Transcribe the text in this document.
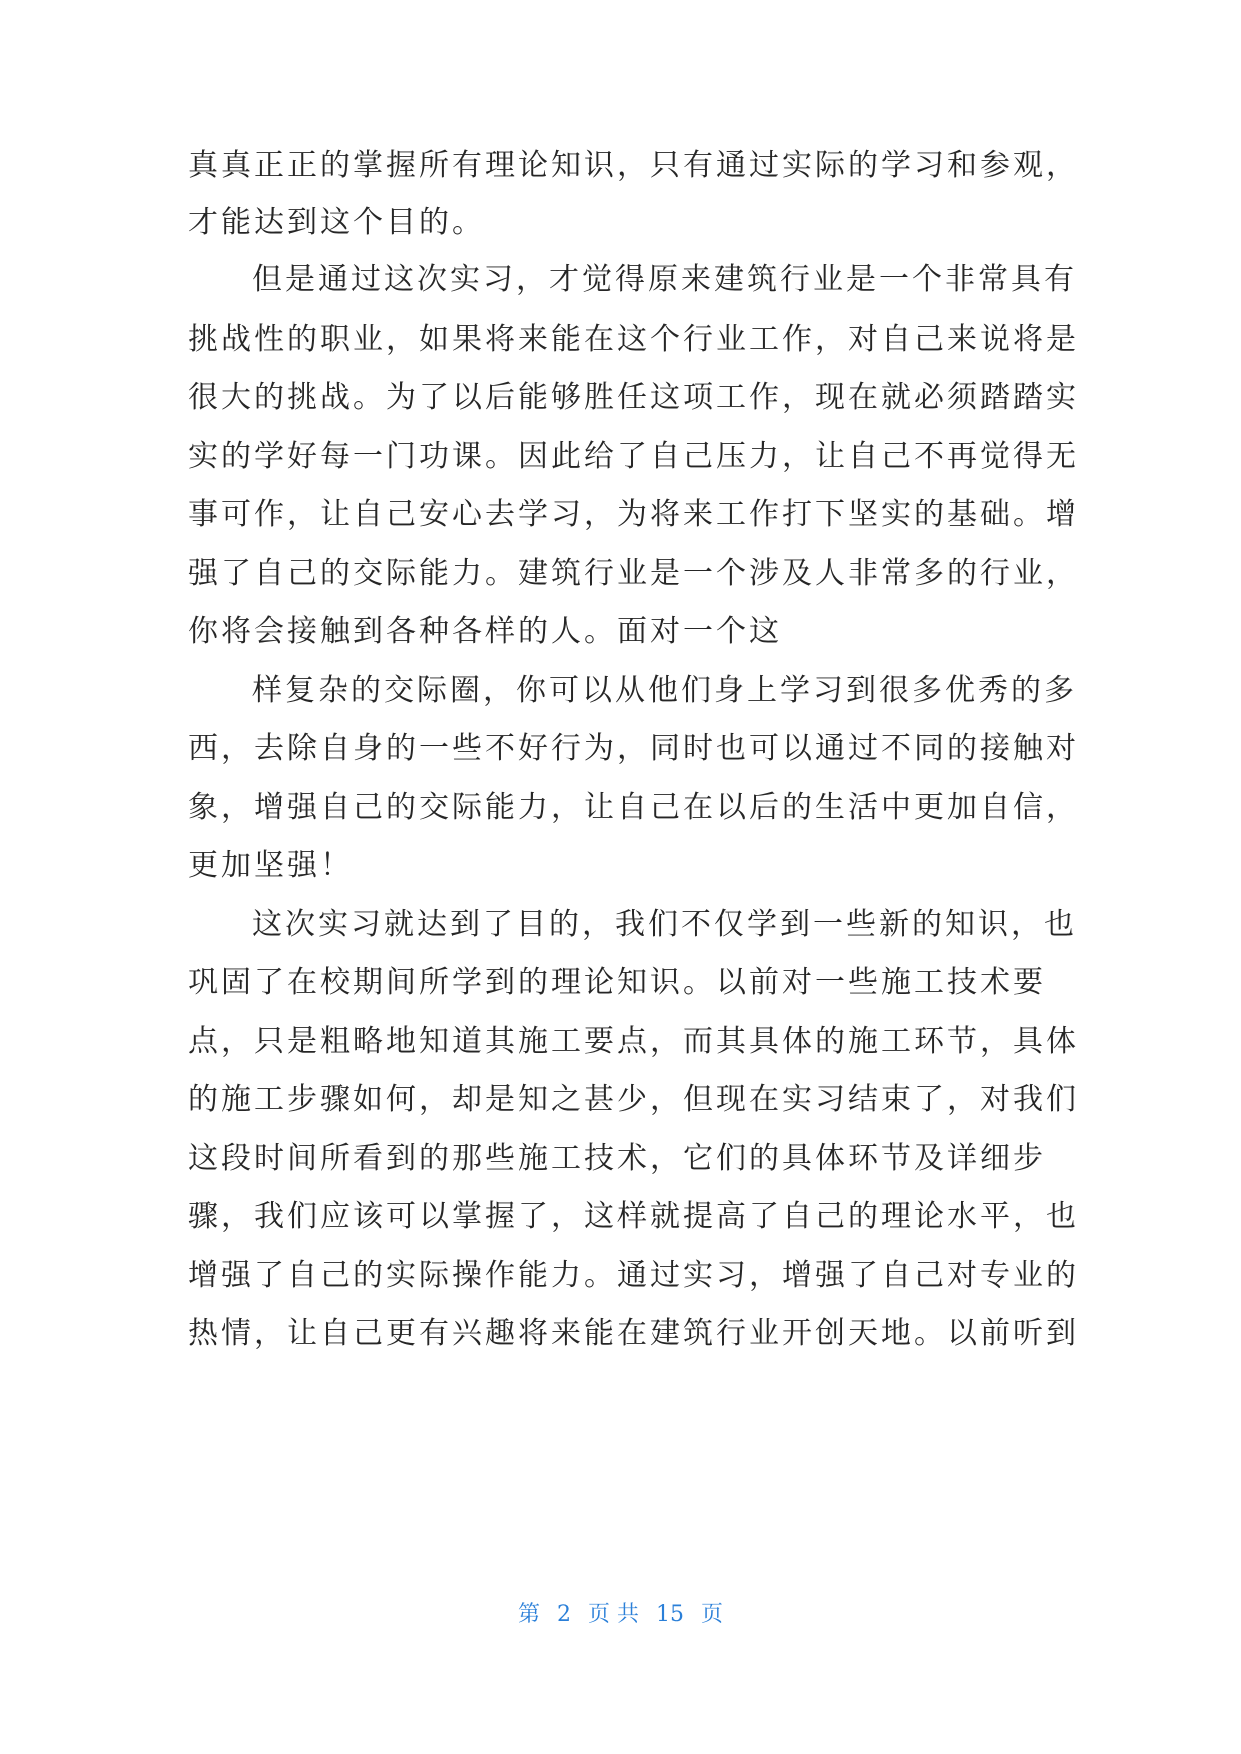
真真正正的掌握所有理论知识，只有通过实际的学习和参观，
才能达到这个目的。
但是通过这次实习，才觉得原来建筑行业是一个非常具有
挑战性的职业，如果将来能在这个行业工作，对自己来说将是
很大的挑战。为了以后能够胜任这项工作，现在就必须踏踏实
实的学好每一门功课。因此给了自己压力，让自己不再觉得无
事可作，让自己安心去学习，为将来工作打下坚实的基础。增
强了自己的交际能力。建筑行业是一个涉及人非常多的行业，
你将会接触到各种各样的人。面对一个这
样复杂的交际圈，你可以从他们身上学习到很多优秀的多
西，去除自身的一些不好行为，同时也可以通过不同的接触对
象，增强自己的交际能力，让自己在以后的生活中更加自信，
更加坚强！
这次实习就达到了目的，我们不仅学到一些新的知识，也
巩固了在校期间所学到的理论知识。以前对一些施工技术要
点，只是粗略地知道其施工要点，而其具体的施工环节，具体
的施工步骤如何，却是知之甚少，但现在实习结束了，对我们
这段时间所看到的那些施工技术，它们的具体环节及详细步
骤，我们应该可以掌握了，这样就提高了自己的理论水平，也
增强了自己的实际操作能力。通过实习，增强了自己对专业的
热情，让自己更有兴趣将来能在建筑行业开创天地。以前听到
第 2 页 共 15 页
